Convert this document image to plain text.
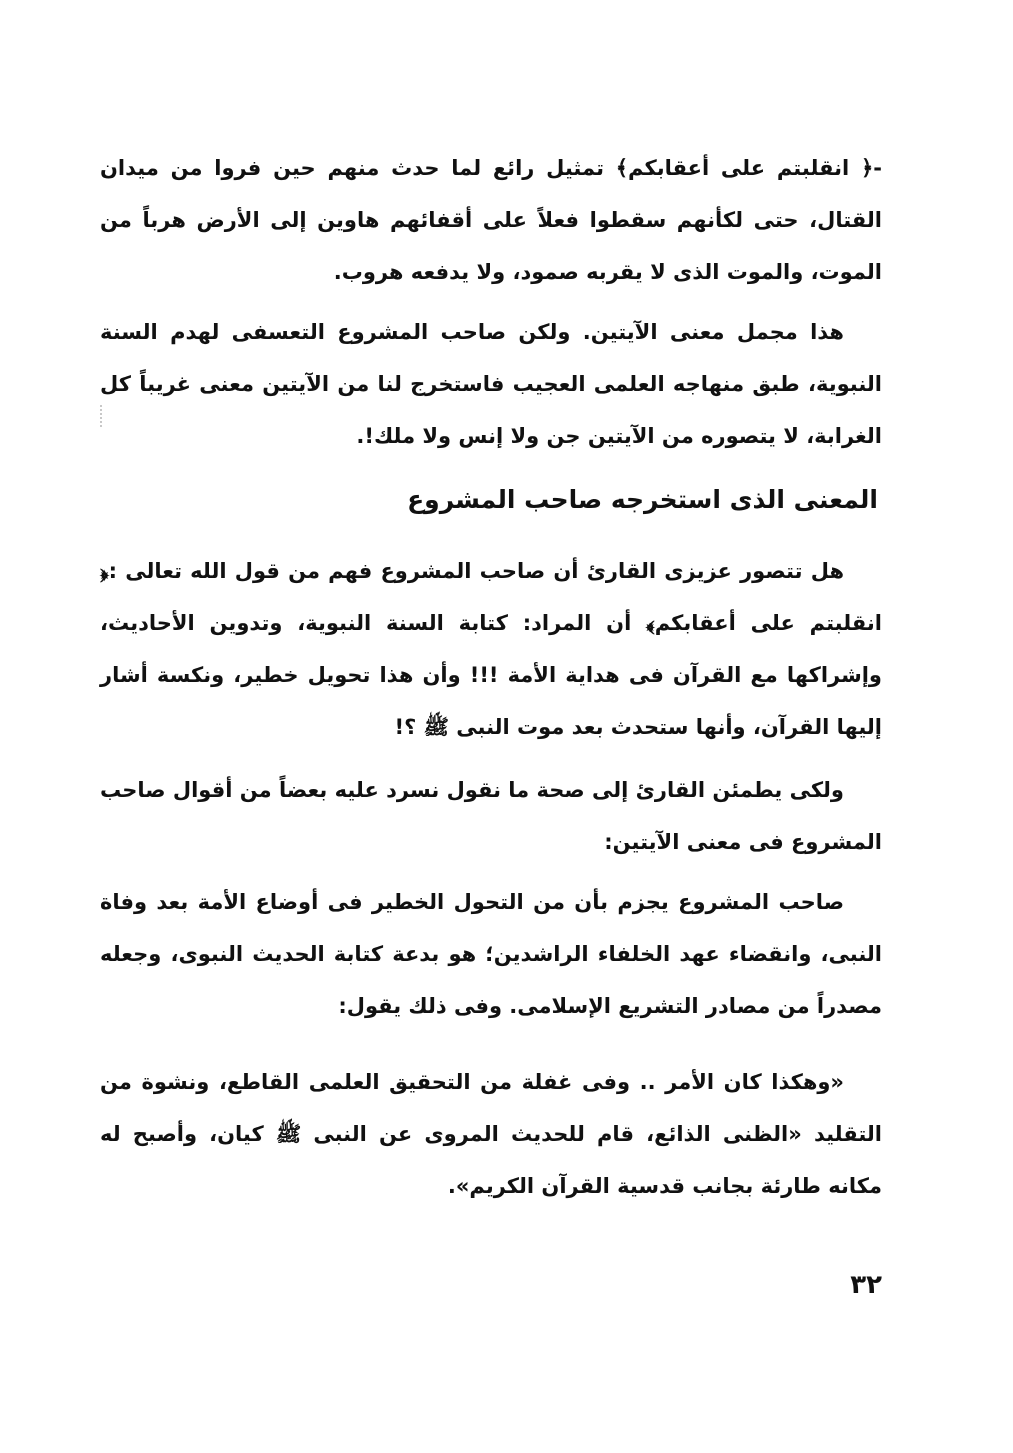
-﴿ انقلبتم على أعقابكم﴾ تمثيل رائع لما حدث منهم حين فروا من ميدان القتال، حتى لكأنهم سقطوا فعلاً على أقفائهم هاوين إلى الأرض هرباً من الموت، والموت الذى لا يقربه صمود، ولا يدفعه هروب.

هذا مجمل معنى الآيتين. ولكن صاحب المشروع التعسفى لهدم السنة النبوية، طبق منهاجه العلمى العجيب فاستخرج لنا من الآيتين معنى غريباً كل الغرابة، لا يتصوره من الآيتين جن ولا إنس ولا ملك!.

المعنى الذى استخرجه صاحب المشروع

هل تتصور عزيزى القارئ أن صاحب المشروع فهم من قول الله تعالى :﴿ انقلبتم على أعقابكم﴾ أن المراد: كتابة السنة النبوية، وتدوين الأحاديث، وإشراكها مع القرآن فى هداية الأمة !!! وأن هذا تحويل خطير، ونكسة أشار إليها القرآن، وأنها ستحدث بعد موت النبى ﷺ ؟!

ولكى يطمئن القارئ إلى صحة ما نقول نسرد عليه بعضاً من أقوال صاحب المشروع فى معنى الآيتين:

صاحب المشروع يجزم بأن من التحول الخطير فى أوضاع الأمة بعد وفاة النبى، وانقضاء عهد الخلفاء الراشدين؛ هو بدعة كتابة الحديث النبوى، وجعله مصدراً من مصادر التشريع الإسلامى. وفى ذلك يقول:

«وهكذا كان الأمر .. وفى غفلة من التحقيق العلمى القاطع، ونشوة من التقليد «الظنى الذائع، قام للحديث المروى عن النبى ﷺ كيان، وأصبح له مكانه طارئة بجانب قدسية القرآن الكريم».

٣٢
